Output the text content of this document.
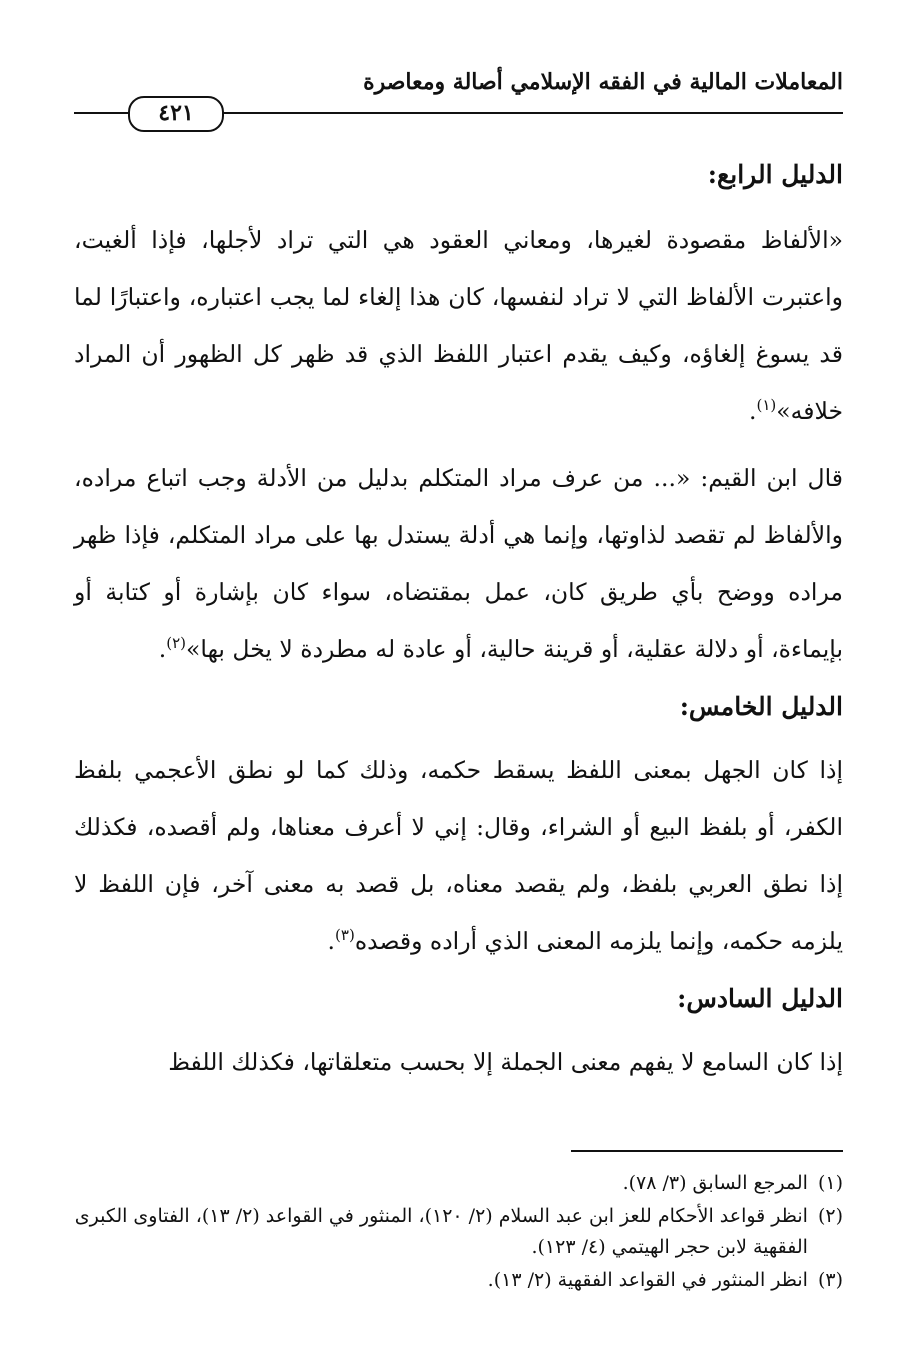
المعاملات المالية في الفقه الإسلامي أصالة ومعاصرة
٤٢١

الدليل الرابع:

«الألفاظ مقصودة لغيرها، ومعاني العقود هي التي تراد لأجلها، فإذا ألغيت، واعتبرت الألفاظ التي لا تراد لنفسها، كان هذا إلغاء لما يجب اعتباره، واعتبارًا لما قد يسوغ إلغاؤه، وكيف يقدم اعتبار اللفظ الذي قد ظهر كل الظهور أن المراد خلافه»$^{(١)}$.

قال ابن القيم: «... من عرف مراد المتكلم بدليل من الأدلة وجب اتباع مراده، والألفاظ لم تقصد لذاوتها، وإنما هي أدلة يستدل بها على مراد المتكلم، فإذا ظهر مراده ووضح بأي طريق كان، عمل بمقتضاه، سواء كان بإشارة أو كتابة أو بإيماءة، أو دلالة عقلية، أو قرينة حالية، أو عادة له مطردة لا يخل بها»$^{(٢)}$.

الدليل الخامس:

إذا كان الجهل بمعنى اللفظ يسقط حكمه، وذلك كما لو نطق الأعجمي بلفظ الكفر، أو بلفظ البيع أو الشراء، وقال: إني لا أعرف معناها، ولم أقصده، فكذلك إذا نطق العربي بلفظ، ولم يقصد معناه، بل قصد به معنى آخر، فإن اللفظ لا يلزمه حكمه، وإنما يلزمه المعنى الذي أراده وقصده$^{(٣)}$.

الدليل السادس:

إذا كان السامع لا يفهم معنى الجملة إلا بحسب متعلقاتها، فكذلك اللفظ

(١)
المرجع السابق (٣/ ٧٨).
(٢)
انظر قواعد الأحكام للعز ابن عبد السلام (٢/ ١٢٠)، المنثور في القواعد (٢/ ١٣)، الفتاوى الكبرى الفقهية لابن حجر الهيتمي (٤/ ١٢٣).
(٣)
انظر المنثور في القواعد الفقهية (٢/ ١٣).
